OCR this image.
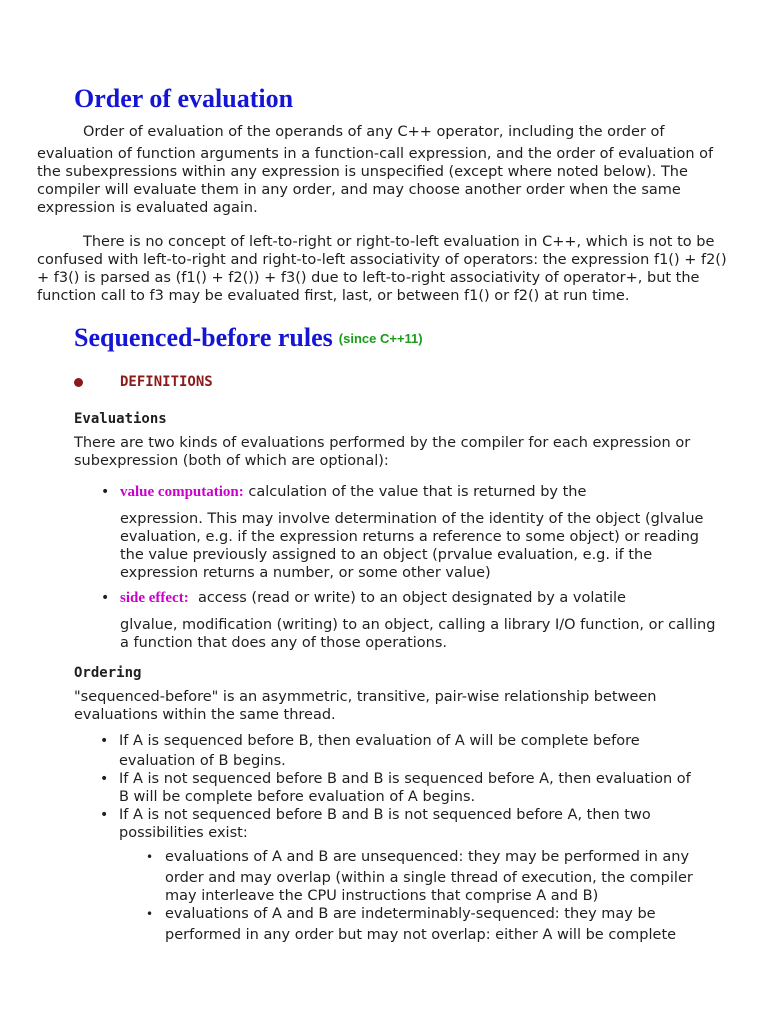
Order of evaluation

Order of evaluation of the operands of any C++ operator, including the order of

evaluation of function arguments in a function-call expression, and the order of evaluation of the subexpressions within any expression is unspecified (except where noted below). The compiler will evaluate them in any order, and may choose another order when the same expression is evaluated again.

There is no concept of left-to-right or right-to-left evaluation in C++, which is not to be confused with left-to-right and right-to-left associativity of operators: the expression f1() + f2() + f3() is parsed as (f1() + f2()) + f3() due to left-to-right associativity of operator+, but the function call to f3 may be evaluated first, last, or between f1() or f2() at run time.

Sequenced-before rules (since C++11)
DEFINITIONS

Evaluations

There are two kinds of evaluations performed by the compiler for each expression or subexpression (both of which are optional):

• value computation: calculation of the value that is returned by the
expression. This may involve determination of the identity of the object (glvalue evaluation, e.g. if the expression returns a reference to some object) or reading the value previously assigned to an object (prvalue evaluation, e.g. if the expression returns a number, or some other value)
• side effect: access (read or write) to an object designated by a volatile
glvalue, modification (writing) to an object, calling a library I/O function, or calling a function that does any of those operations.

Ordering

"sequenced-before" is an asymmetric, transitive, pair-wise relationship between evaluations within the same thread.

• If A is sequenced before B, then evaluation of A will be complete before
evaluation of B begins.
• If A is not sequenced before B and B is sequenced before A, then evaluation of B will be complete before evaluation of A begins.
• If A is not sequenced before B and B is not sequenced before A, then two possibilities exist:
• evaluations of A and B are unsequenced: they may be performed in any
order and may overlap (within a single thread of execution, the compiler may interleave the CPU instructions that comprise A and B)
• evaluations of A and B are indeterminably-sequenced: they may be
performed in any order but may not overlap: either A will be complete
